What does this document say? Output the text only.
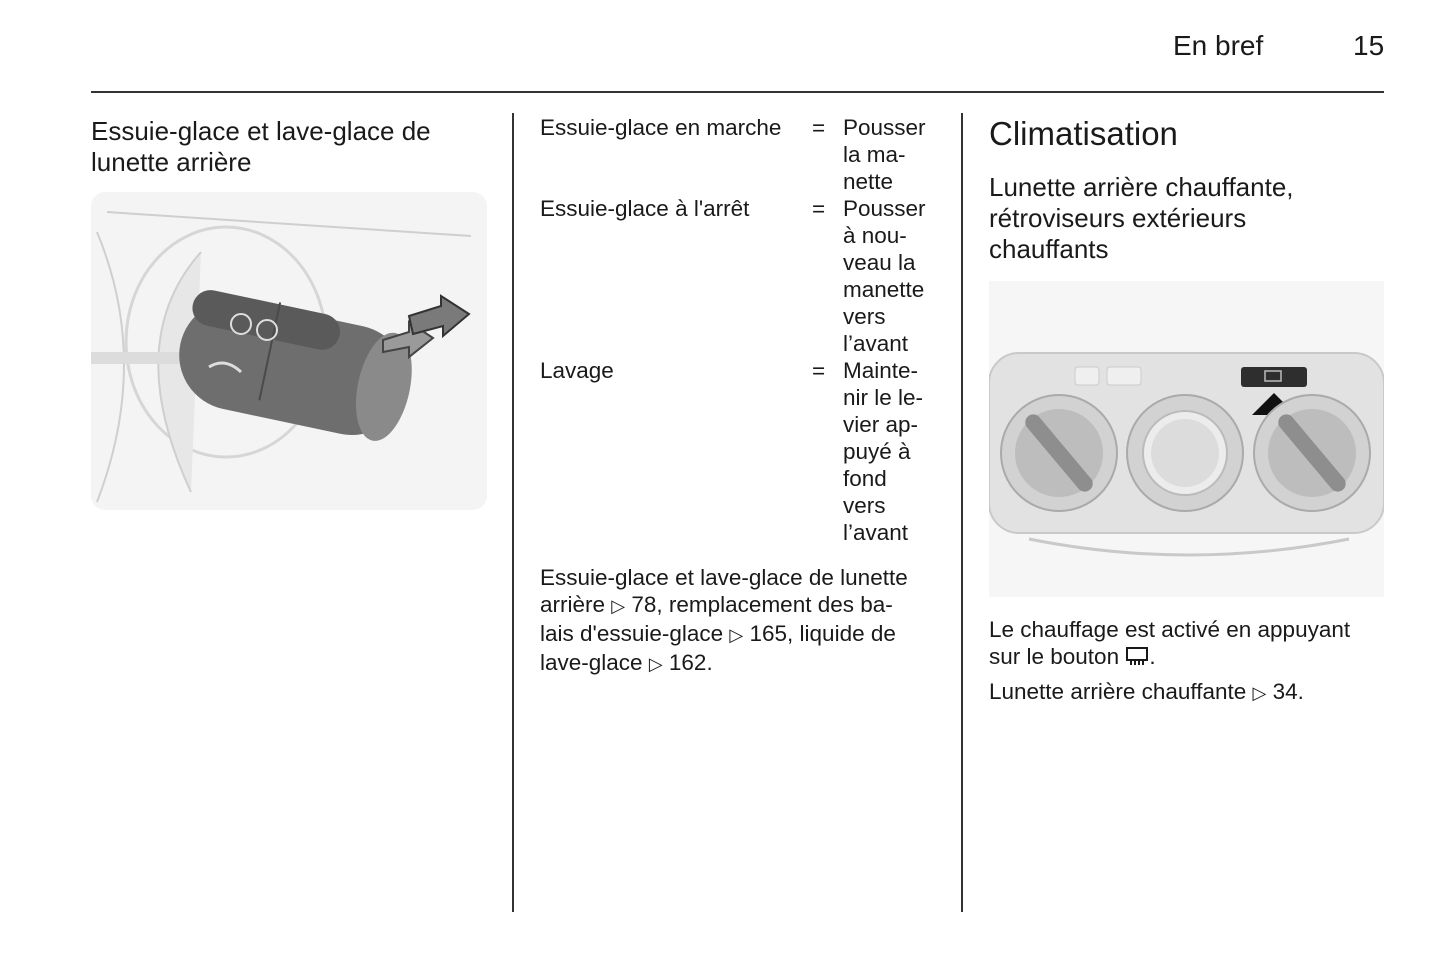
En bref	15
Essuie-glace et lave-glace de
lunette arrière
Essuie-glace en marche	= Pousser
la ma-
nette
Essuie-glace à l'arrêt	= Pousser
à nou-
veau la
manette
vers
l’avant
Lavage	= Mainte-
nir le le-
vier ap-
puyé à
fond
vers
l’avant
Essuie-glace et lave-glace de lunette
arrière ▷ 78, remplacement des ba-
lais d'essuie-glace ▷ 165, liquide de
lave-glace ▷ 162.
Climatisation
Lunette arrière chauffante,
rétroviseurs extérieurs
chauffants
Le chauffage est activé en appuyant
sur le bouton .
Lunette arrière chauffante ▷ 34.
